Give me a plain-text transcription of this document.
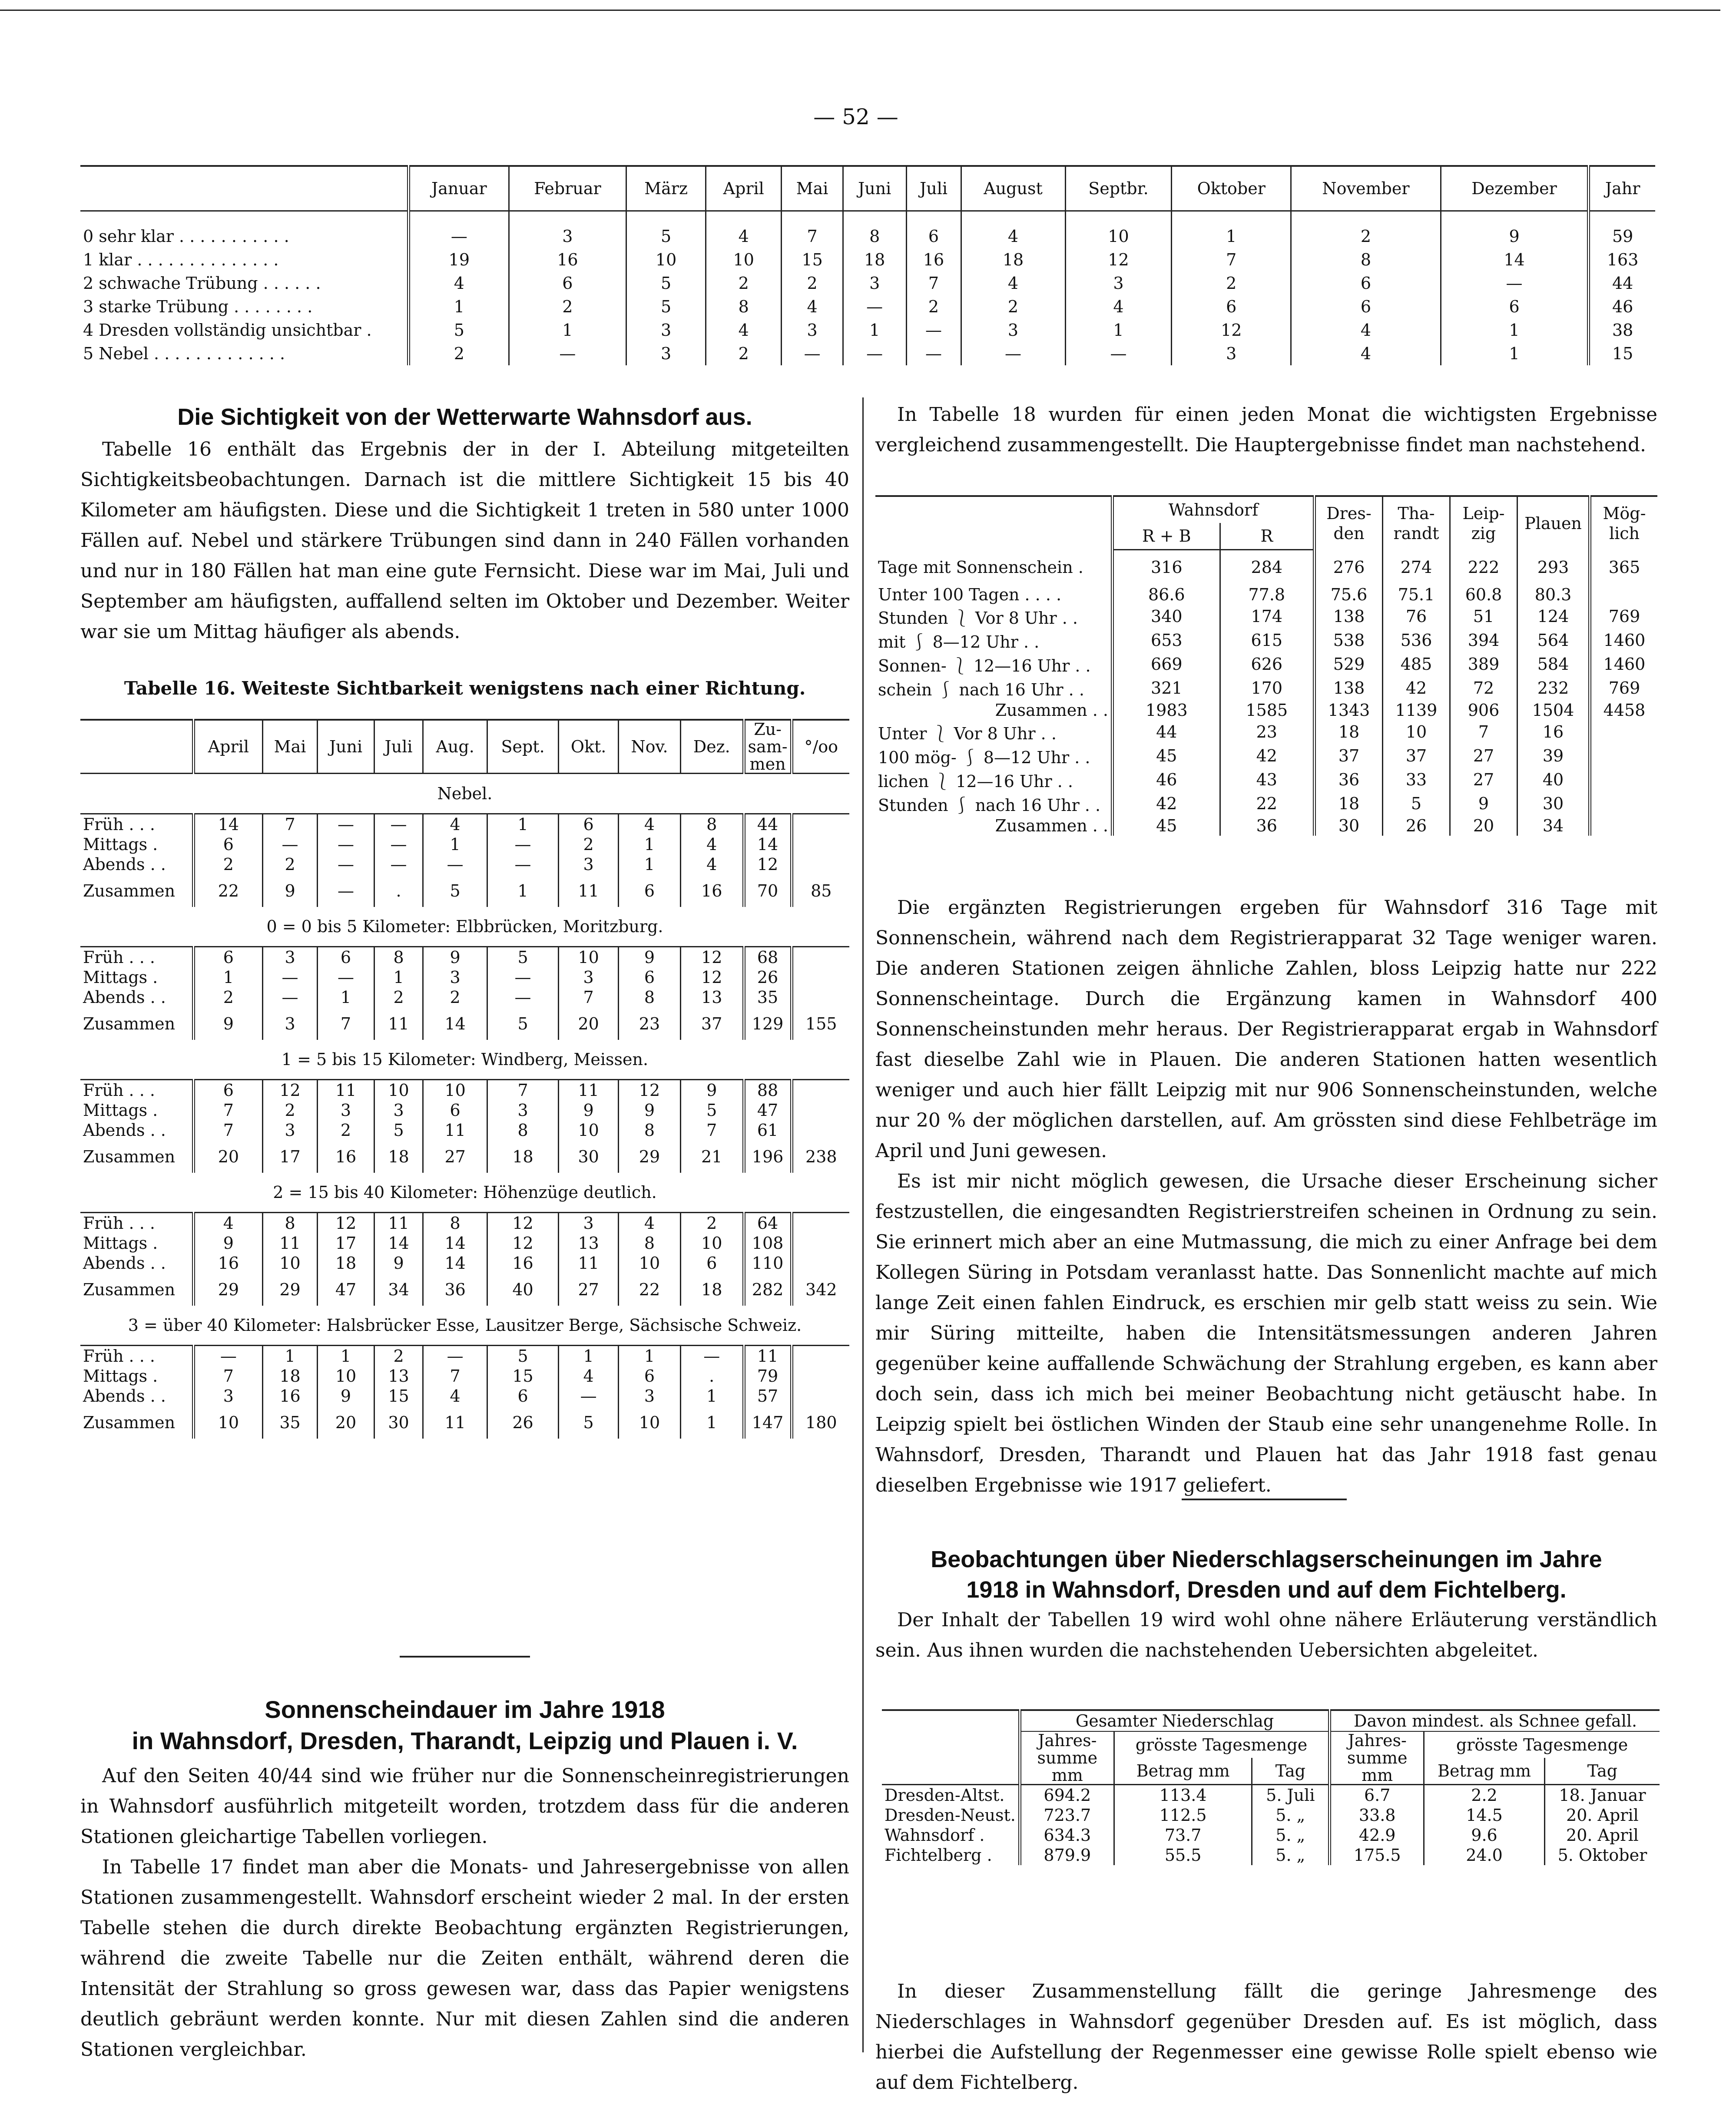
— 52 —
	Januar	Februar	März	April	Mai	Juni	Juli	August	Septbr.	Oktober	November	Dezember	Jahr
0 sehr klar . . . . . . . . . . .	—	3	5	4	7	8	6	4	10	1	2	9	59
1 klar . . . . . . . . . . . . . .	19	16	10	10	15	18	16	18	12	7	8	14	163
2 schwache Trübung . . . . . .	4	6	5	2	2	3	7	4	3	2	6	—	44
3 starke Trübung . . . . . . . .	1	2	5	8	4	—	2	2	4	6	6	6	46
4 Dresden vollständig unsichtbar .	5	1	3	4	3	1	—	3	1	12	4	1	38
5 Nebel . . . . . . . . . . . . .	2	—	3	2	—	—	—	—	—	3	4	1	15
Die Sichtigkeit von der Wetterwarte Wahnsdorf aus.

Tabelle 16 enthält das Ergebnis der in der I. Abteilung mitgeteilten Sichtigkeitsbeobachtungen. Darnach ist die mittlere Sichtigkeit 15 bis 40 Kilometer am häufigsten. Diese und die Sichtigkeit 1 treten in 580 unter 1000 Fällen auf. Nebel und stärkere Trübungen sind dann in 240 Fällen vorhanden und nur in 180 Fällen hat man eine gute Fernsicht. Diese war im Mai, Juli und September am häufigsten, auffallend selten im Oktober und Dezember. Weiter war sie um Mittag häufiger als abends.

Tabelle 16. Weiteste Sichtbarkeit wenigstens nach einer Richtung.
	April	Mai	Juni	Juli	Aug.	Sept.	Okt.	Nov.	Dez.	Zu-sam-men	°/oo
Nebel.											
Früh . . .	14	7	—	—	4	1	6	4	8	44	
Mittags .	6	—	—	—	1	—	2	1	4	14	
Abends . .	2	2	—	—	—	—	3	1	4	12	
Zusammen	22	9	—	.	5	1	11	6	16	70	85
0 = 0 bis 5 Kilometer: Elbbrücken, Moritzburg.											
Früh . . .	6	3	6	8	9	5	10	9	12	68	
Mittags .	1	—	—	1	3	—	3	6	12	26	
Abends . .	2	—	1	2	2	—	7	8	13	35	
Zusammen	9	3	7	11	14	5	20	23	37	129	155
1 = 5 bis 15 Kilometer: Windberg, Meissen.											
Früh . . .	6	12	11	10	10	7	11	12	9	88	
Mittags .	7	2	3	3	6	3	9	9	5	47	
Abends . .	7	3	2	5	11	8	10	8	7	61	
Zusammen	20	17	16	18	27	18	30	29	21	196	238
2 = 15 bis 40 Kilometer: Höhenzüge deutlich.											
Früh . . .	4	8	12	11	8	12	3	4	2	64	
Mittags .	9	11	17	14	14	12	13	8	10	108	
Abends . .	16	10	18	9	14	16	11	10	6	110	
Zusammen	29	29	47	34	36	40	27	22	18	282	342
3 = über 40 Kilometer: Halsbrücker Esse, Lausitzer Berge, Sächsische Schweiz.											
Früh . . .	—	1	1	2	—	5	1	1	—	11	
Mittags .	7	18	10	13	7	15	4	6	.	79	
Abends . .	3	16	9	15	4	6	—	3	1	57	
Zusammen	10	35	20	30	11	26	5	10	1	147	180
Sonnenscheindauer im Jahre 1918
in Wahnsdorf, Dresden, Tharandt, Leipzig und Plauen i. V.

Auf den Seiten 40/44 sind wie früher nur die Sonnenscheinregistrierungen in Wahnsdorf ausführlich mitgeteilt worden, trotzdem dass für die anderen Stationen gleichartige Tabellen vorliegen.

In Tabelle 17 findet man aber die Monats- und Jahresergebnisse von allen Stationen zusammengestellt. Wahnsdorf erscheint wieder 2 mal. In der ersten Tabelle stehen die durch direkte Beobachtung ergänzten Registrierungen, während die zweite Tabelle nur die Zeiten enthält, während deren die Intensität der Strahlung so gross gewesen war, dass das Papier wenigstens deutlich gebräunt werden konnte. Nur mit diesen Zahlen sind die anderen Stationen vergleichbar.

In Tabelle 18 wurden für einen jeden Monat die wichtigsten Ergebnisse vergleichend zusammengestellt. Die Hauptergebnisse findet man nachstehend.

	Wahnsdorf		Dres-den	Tha-randt	Leip-zig	Plauen	Mög-lich
	R + B	R					
Tage mit Sonnenschein .	316	284	276	274	222	293	365
Unter 100 Tagen . . . .	86.6	77.8	75.6	75.1	60.8	80.3	
Stunden ⎱ Vor 8 Uhr . .	340	174	138	76	51	124	769
mit ⎰ 8—12 Uhr . .	653	615	538	536	394	564	1460
Sonnen- ⎱ 12—16 Uhr . .	669	626	529	485	389	584	1460
schein ⎰ nach 16 Uhr . .	321	170	138	42	72	232	769
Zusammen . .	1983	1585	1343	1139	906	1504	4458
Unter ⎱ Vor 8 Uhr . .	44	23	18	10	7	16	
100 mög- ⎰ 8—12 Uhr . .	45	42	37	37	27	39	
lichen ⎱ 12—16 Uhr . .	46	43	36	33	27	40	
Stunden ⎰ nach 16 Uhr . .	42	22	18	5	9	30	
Zusammen . .	45	36	30	26	20	34	

Die ergänzten Registrierungen ergeben für Wahnsdorf 316 Tage mit Sonnenschein, während nach dem Registrierapparat 32 Tage weniger waren. Die anderen Stationen zeigen ähnliche Zahlen, bloss Leipzig hatte nur 222 Sonnenscheintage. Durch die Ergänzung kamen in Wahnsdorf 400 Sonnenscheinstunden mehr heraus. Der Registrierapparat ergab in Wahnsdorf fast dieselbe Zahl wie in Plauen. Die anderen Stationen hatten wesentlich weniger und auch hier fällt Leipzig mit nur 906 Sonnenscheinstunden, welche nur 20 % der möglichen darstellen, auf. Am grössten sind diese Fehlbeträge im April und Juni gewesen.

Es ist mir nicht möglich gewesen, die Ursache dieser Erscheinung sicher festzustellen, die eingesandten Registrierstreifen scheinen in Ordnung zu sein. Sie erinnert mich aber an eine Mutmassung, die mich zu einer Anfrage bei dem Kollegen Süring in Potsdam veranlasst hatte. Das Sonnenlicht machte auf mich lange Zeit einen fahlen Eindruck, es erschien mir gelb statt weiss zu sein. Wie mir Süring mitteilte, haben die Intensitätsmessungen anderen Jahren gegenüber keine auffallende Schwächung der Strahlung ergeben, es kann aber doch sein, dass ich mich bei meiner Beobachtung nicht getäuscht habe. In Leipzig spielt bei östlichen Winden der Staub eine sehr unangenehme Rolle. In Wahnsdorf, Dresden, Tharandt und Plauen hat das Jahr 1918 fast genau dieselben Ergebnisse wie 1917 geliefert.

Beobachtungen über Niederschlagserscheinungen im Jahre
1918 in Wahnsdorf, Dresden und auf dem Fichtelberg.

Der Inhalt der Tabellen 19 wird wohl ohne nähere Erläuterung verständlich sein. Aus ihnen wurden die nachstehenden Uebersichten abgeleitet.

	Gesamter Niederschlag			Davon mindest. als Schnee gefall.		
	Jahres-summe mm	grösste Tagesmenge		Jahres-summe mm	grösste Tagesmenge	
		Betrag mm	Tag		Betrag mm	Tag
Dresden-Altst.	694.2	113.4	5. Juli	6.7	2.2	18. Januar
Dresden-Neust.	723.7	112.5	5. „	33.8	14.5	20. April
Wahnsdorf .	634.3	73.7	5. „	42.9	9.6	20. April
Fichtelberg .	879.9	55.5	5. „	175.5	24.0	5. Oktober

In dieser Zusammenstellung fällt die geringe Jahresmenge des Niederschlages in Wahnsdorf gegenüber Dresden auf. Es ist möglich, dass hierbei die Aufstellung der Regenmesser eine gewisse Rolle spielt ebenso wie auf dem Fichtelberg.
